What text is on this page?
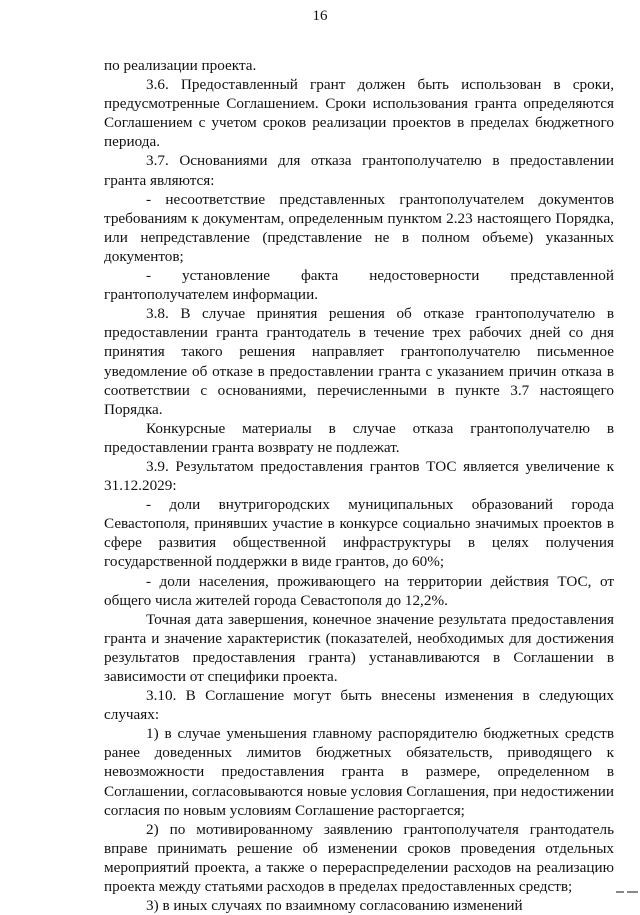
16

по реализации проекта.

3.6. Предоставленный грант должен быть использован в сроки, предусмотренные Соглашением. Сроки использования гранта определяются Соглашением с учетом сроков реализации проектов в пределах бюджетного периода.

3.7. Основаниями для отказа грантополучателю в предоставлении гранта являются:

- несоответствие представленных грантополучателем документов требованиям к документам, определенным пунктом 2.23 настоящего Порядка, или непредставление (представление не в полном объеме) указанных документов;

- установление факта недостоверности представленной грантополучателем информации.

3.8. В случае принятия решения об отказе грантополучателю в предоставлении гранта грантодатель в течение трех рабочих дней со дня принятия такого решения направляет грантополучателю письменное уведомление об отказе в предоставлении гранта с указанием причин отказа в соответствии с основаниями, перечисленными в пункте 3.7 настоящего Порядка.

Конкурсные материалы в случае отказа грантополучателю в предоставлении гранта возврату не подлежат.

3.9. Результатом предоставления грантов ТОС является увеличение к 31.12.2029:

- доли внутригородских муниципальных образований города Севастополя, принявших участие в конкурсе социально значимых проектов в сфере развития общественной инфраструктуры в целях получения государственной поддержки в виде грантов, до 60%;

- доли населения, проживающего на территории действия ТОС, от общего числа жителей города Севастополя до 12,2%.

Точная дата завершения, конечное значение результата предоставления гранта и значение характеристик (показателей, необходимых для достижения результатов предоставления гранта) устанавливаются в Соглашении в зависимости от специфики проекта.

3.10. В Соглашение могут быть внесены изменения в следующих случаях:

1) в случае уменьшения главному распорядителю бюджетных средств ранее доведенных лимитов бюджетных обязательств, приводящего к невозможности предоставления гранта в размере, определенном в Соглашении, согласовываются новые условия Соглашения, при недостижении согласия по новым условиям Соглашение расторгается;

2) по мотивированному заявлению грантополучателя грантодатель вправе принимать решение об изменении сроков проведения отдельных мероприятий проекта, а также о перераспределении расходов на реализацию проекта между статьями расходов в пределах предоставленных средств;

3) в иных случаях по взаимному согласованию изменений
